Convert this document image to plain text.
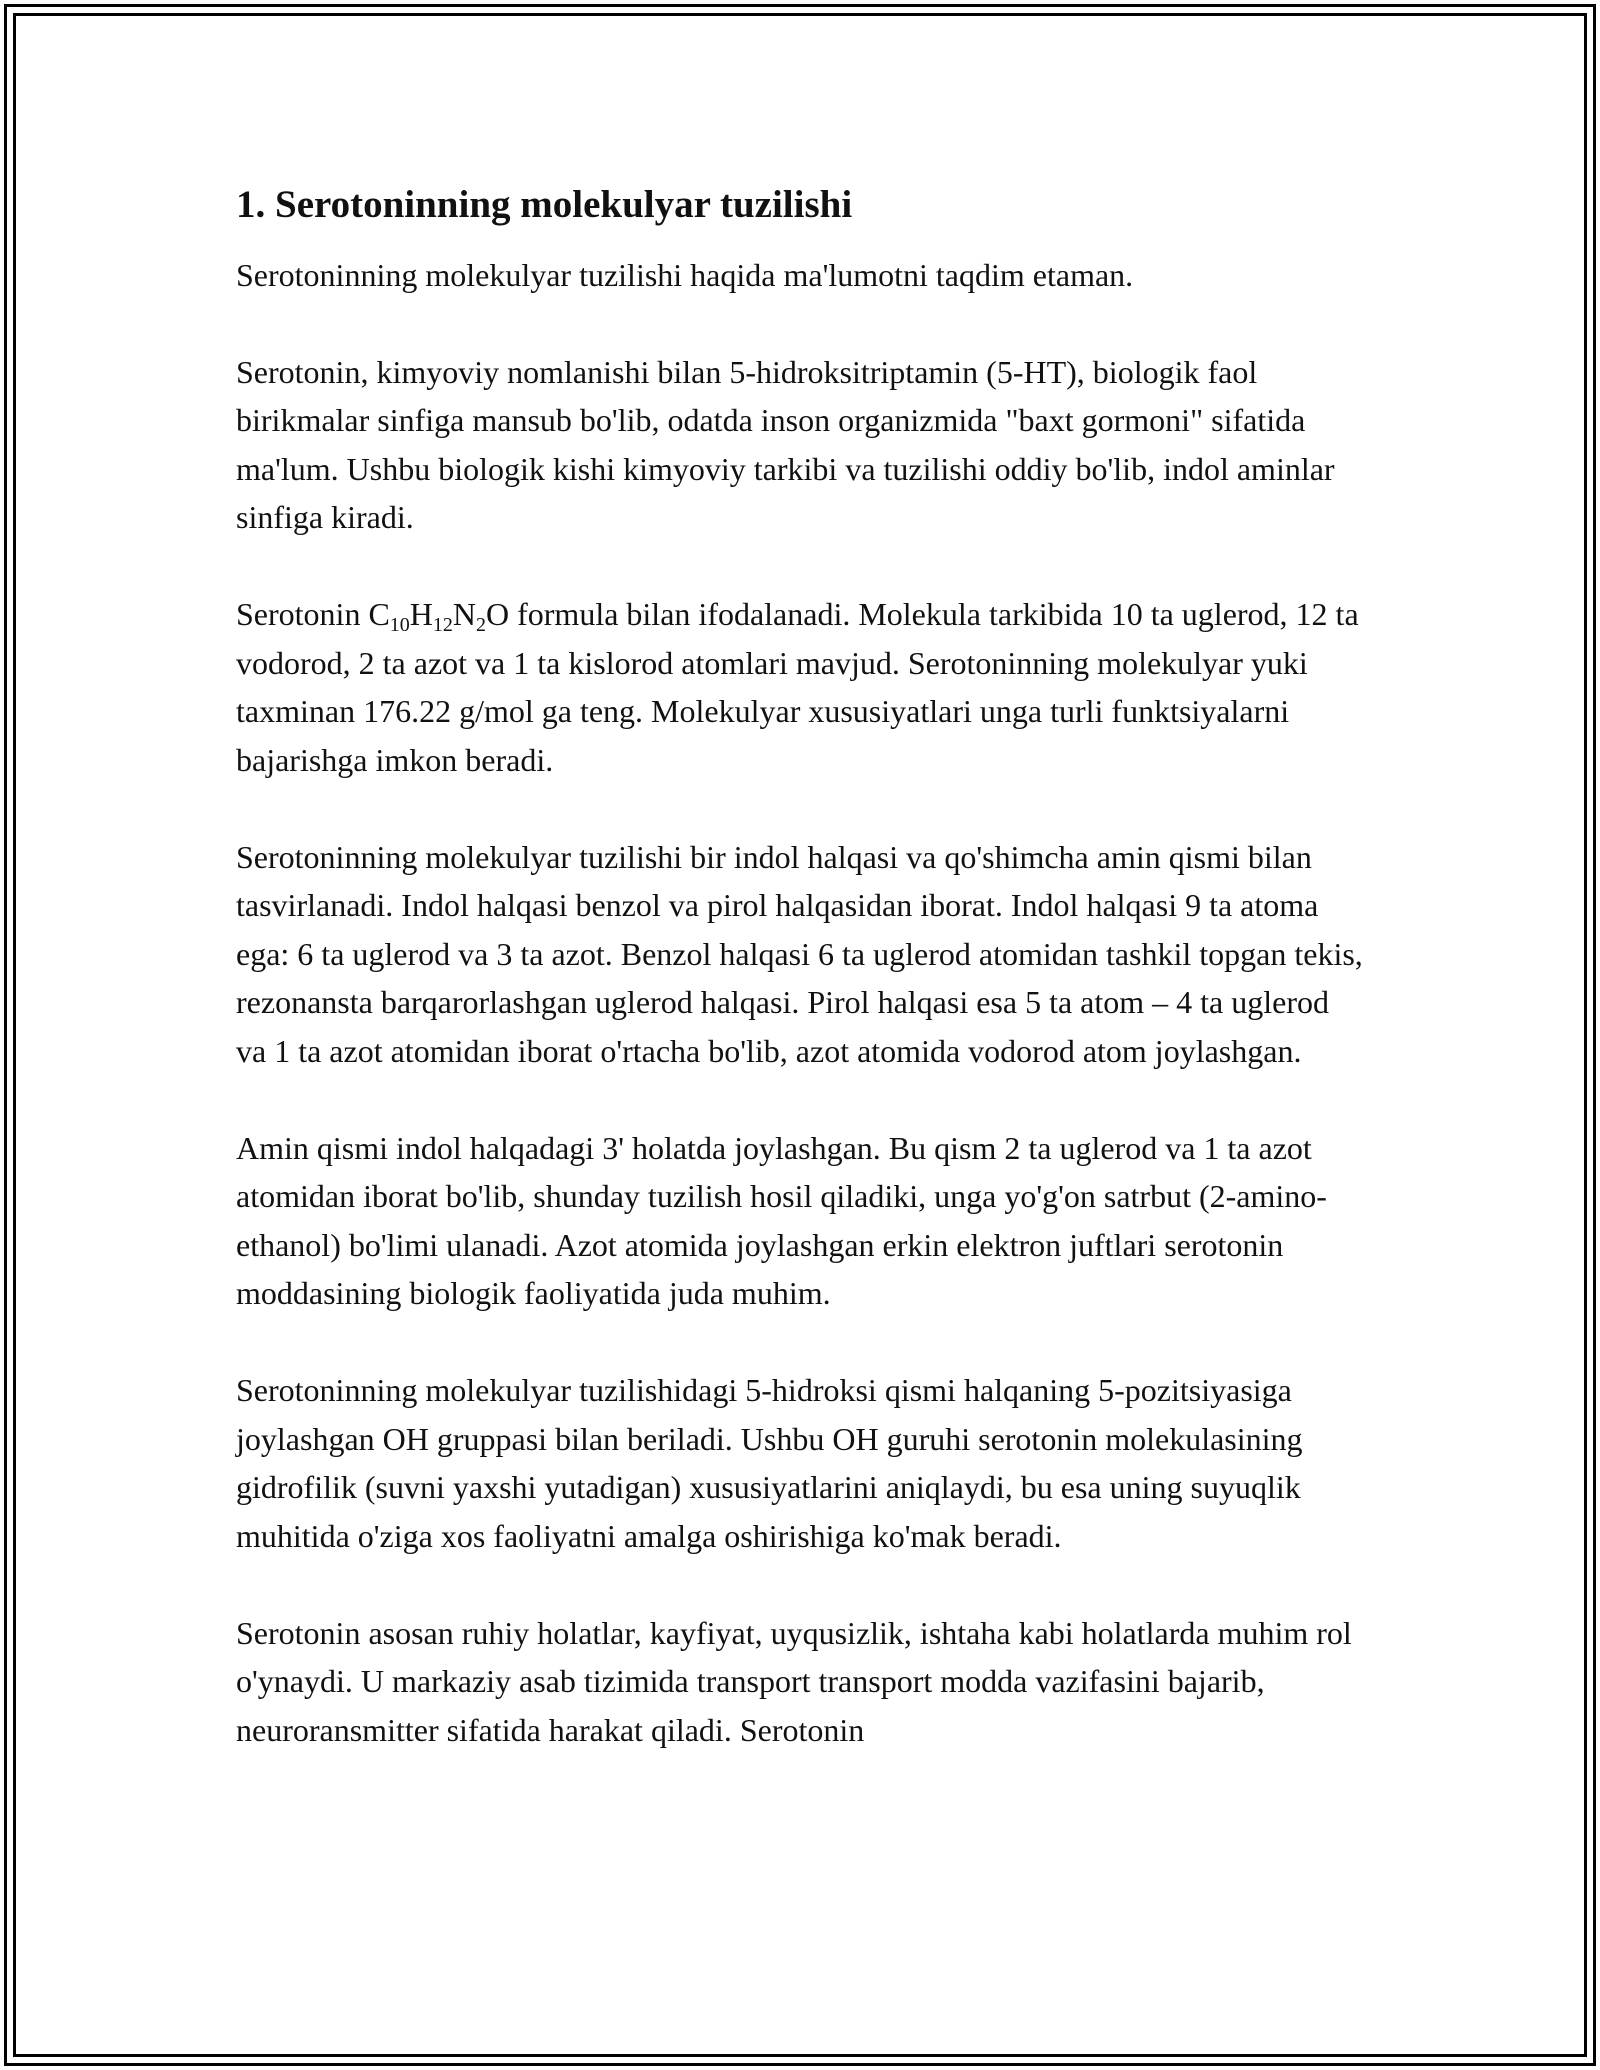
1. Serotoninning molekulyar tuzilishi

Serotoninning molekulyar tuzilishi haqida ma'lumotni taqdim etaman.

Serotonin, kimyoviy nomlanishi bilan 5-hidroksitriptamin (5-HT), biologik faol birikmalar sinfiga mansub bo'lib, odatda inson organizmida "baxt gormoni" sifatida ma'lum. Ushbu biologik kishi kimyoviy tarkibi va tuzilishi oddiy bo'lib, indol aminlar sinfiga kiradi.

Serotonin $C_{10}H_{12}N_2O$ formula bilan ifodalanadi. Molekula tarkibida 10 ta uglerod, 12 ta vodorod, 2 ta azot va 1 ta kislorod atomlari mavjud. Serotoninning molekulyar yuki taxminan 176.22 g/mol ga teng. Molekulyar xususiyatlari unga turli funktsiyalarni bajarishga imkon beradi.

Serotoninning molekulyar tuzilishi bir indol halqasi va qo'shimcha amin qismi bilan tasvirlanadi. Indol halqasi benzol va pirol halqasidan iborat. Indol halqasi 9 ta atoma ega: 6 ta uglerod va 3 ta azot. Benzol halqasi 6 ta uglerod atomidan tashkil topgan tekis, rezonansta barqarorlashgan uglerod halqasi. Pirol halqasi esa 5 ta atom – 4 ta uglerod va 1 ta azot atomidan iborat o'rtacha bo'lib, azot atomida vodorod atom joylashgan.

Amin qismi indol halqadagi 3' holatda joylashgan. Bu qism 2 ta uglerod va 1 ta azot atomidan iborat bo'lib, shunday tuzilish hosil qiladiki, unga yo'g'on satrbut (2-amino-ethanol) bo'limi ulanadi. Azot atomida joylashgan erkin elektron juftlari serotonin moddasining biologik faoliyatida juda muhim.

Serotoninning molekulyar tuzilishidagi 5-hidroksi qismi halqaning 5-pozitsiyasiga joylashgan OH gruppasi bilan beriladi. Ushbu OH guruhi serotonin molekulasining gidrofilik (suvni yaxshi yutadigan) xususiyatlarini aniqlaydi, bu esa uning suyuqlik muhitida o'ziga xos faoliyatni amalga oshirishiga ko'mak beradi.

Serotonin asosan ruhiy holatlar, kayfiyat, uyqusizlik, ishtaha kabi holatlarda muhim rol o'ynaydi. U markaziy asab tizimida transport transport modda vazifasini bajarib, neuroransmitter sifatida harakat qiladi. Serotonin
